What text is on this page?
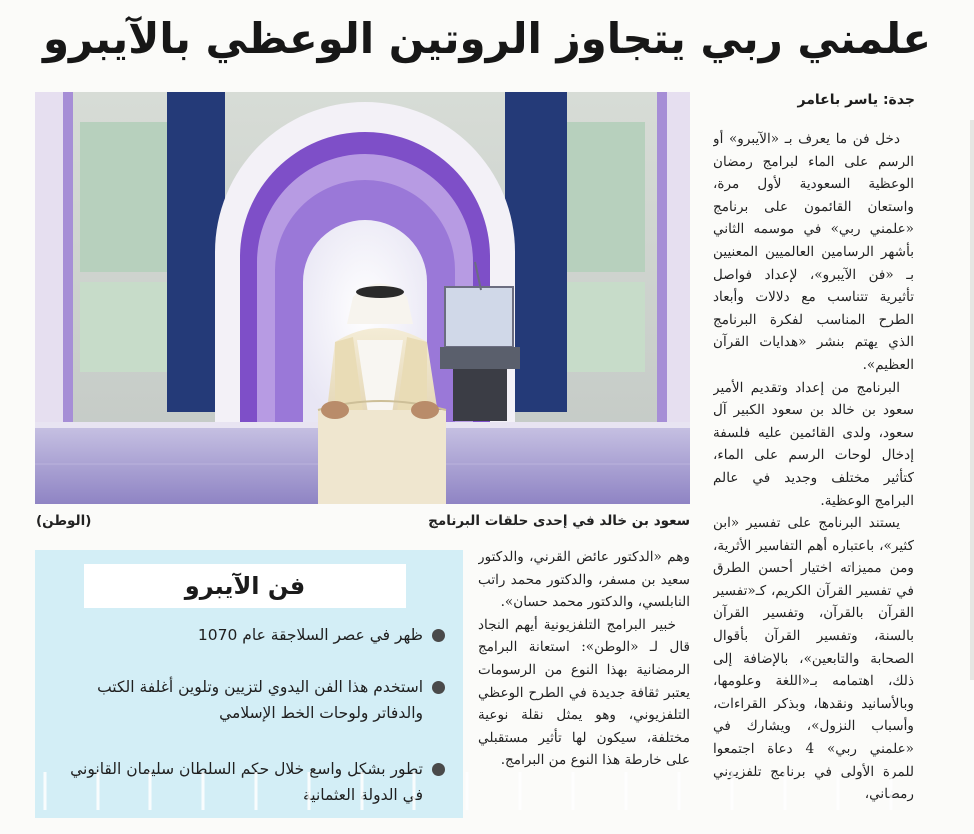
علمني ربي يتجاوز الروتين الوعظي بالآيبرو
سعود بن خالد في إحدى حلقات البرنامج
(الوطن)
جدة: ياسر باعامر

دخل فن ما يعرف بـ «الآيبرو» أو الرسم على الماء لبرامج رمضان الوعظية السعودية لأول مرة، واستعان القائمون على برنامج «علمني ربي» في موسمه الثاني بأشهر الرسامين العالميين المعنيين بـ «فن الآيبرو»، لإعداد فواصل تأثيرية تتناسب مع دلالات وأبعاد الطرح المناسب لفكرة البرنامج الذي يهتم بنشر «هدايات القرآن العظيم».

البرنامج من إعداد وتقديم الأمير سعود بن خالد بن سعود الكبير آل سعود، ولدى القائمين عليه فلسفة إدخال لوحات الرسم على الماء، كتأثير مختلف وجديد في عالم البرامج الوعظية.

يستند البرنامج على تفسير «ابن كثير»، باعتباره أهم التفاسير الأثرية، ومن مميزاته اختيار أحسن الطرق في تفسير القرآن الكريم، كـ«تفسير القرآن بالقرآن، وتفسير القرآن بالسنة، وتفسير القرآن بأقوال الصحابة والتابعين»، بالإضافة إلى ذلك، اهتمامه بـ«اللغة وعلومها، وبالأسانيد ونقدها، وبذكر القراءات، وأسباب النزول»، ويشارك في «علمني ربي» 4 دعاة اجتمعوا للمرة الأولى في برنامج تلفزيوني رمضاني،

وهم «الدكتور عائض القرني، والدكتور سعيد بن مسفر، والدكتور محمد راتب النابلسي، والدكتور محمد حسان».

خبير البرامج التلفزيونية أيهم النجاد قال لـ «الوطن»: استعانة البرامج الرمضانية بهذا النوع من الرسومات يعتبر ثقافة جديدة في الطرح الوعظي التلفزيوني، وهو يمثل نقلة نوعية مختلفة، سيكون لها تأثير مستقبلي على خارطة هذا النوع من البرامج.

فن الآيبرو
ظهر في عصر السلاجقة عام 1070
استخدم هذا الفن اليدوي لتزيين وتلوين أغلفة الكتب والدفاتر ولوحات الخط الإسلامي
تطور بشكل واسع خلال حكم السلطان سليمان القانوني في الدولة العثمانية
